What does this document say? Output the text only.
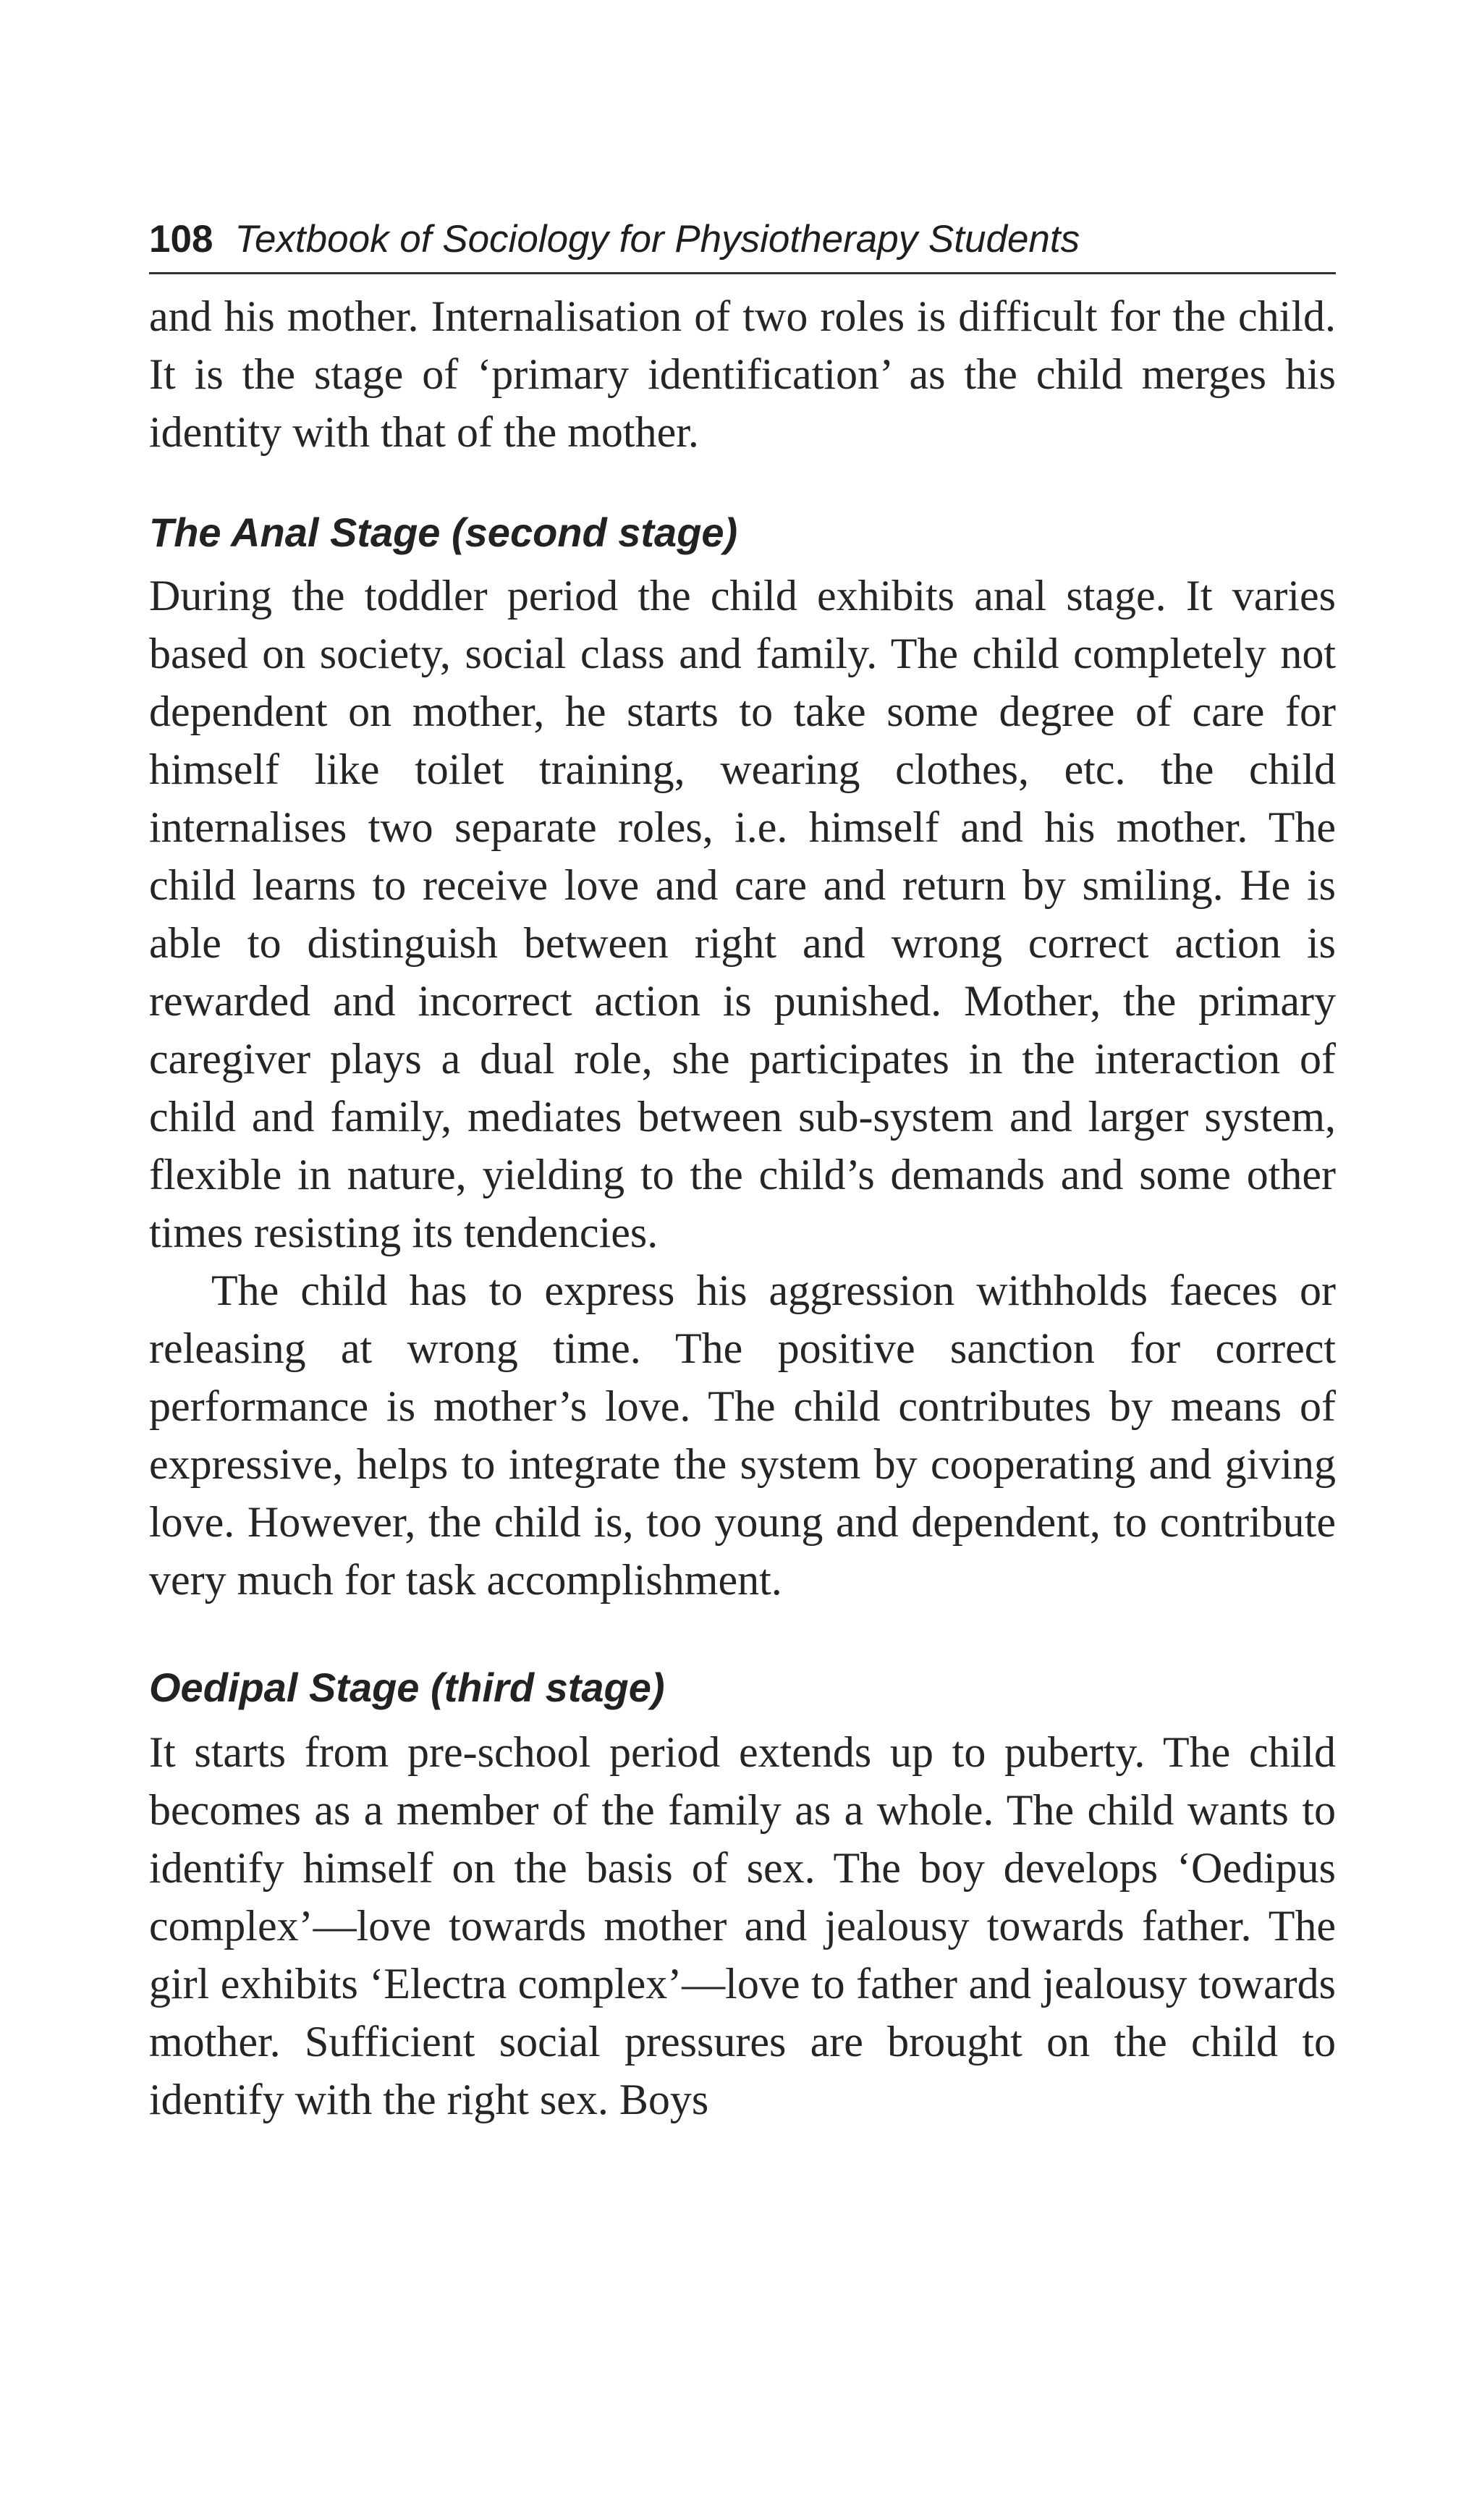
108 Textbook of Sociology for Physiotherapy Students

and his mother. Internalisation of two roles is difficult for the child. It is the stage of ‘primary identification’ as the child merges his identity with that of the mother.

The Anal Stage (second stage)

During the toddler period the child exhibits anal stage. It varies based on society, social class and family. The child completely not dependent on mother, he starts to take some degree of care for himself like toilet training, wearing clothes, etc. the child internalises two separate roles, i.e. himself and his mother. The child learns to receive love and care and return by smiling. He is able to distinguish between right and wrong correct action is rewarded and incorrect action is punished. Mother, the primary caregiver plays a dual role, she participates in the interaction of child and family, mediates between sub-system and larger system, flexible in nature, yielding to the child’s demands and some other times resisting its tendencies.

The child has to express his aggression withholds faeces or releasing at wrong time. The positive sanction for correct performance is mother’s love. The child contributes by means of expressive, helps to integrate the system by cooperating and giving love. However, the child is, too young and dependent, to contribute very much for task accomplishment.

Oedipal Stage (third stage)

It starts from pre-school period extends up to puberty. The child becomes as a member of the family as a whole. The child wants to identify himself on the basis of sex. The boy develops ‘Oedipus complex’—love towards mother and jealousy towards father. The girl exhibits ‘Electra complex’—love to father and jealousy towards mother. Sufficient social pressures are brought on the child to identify with the right sex. Boys
